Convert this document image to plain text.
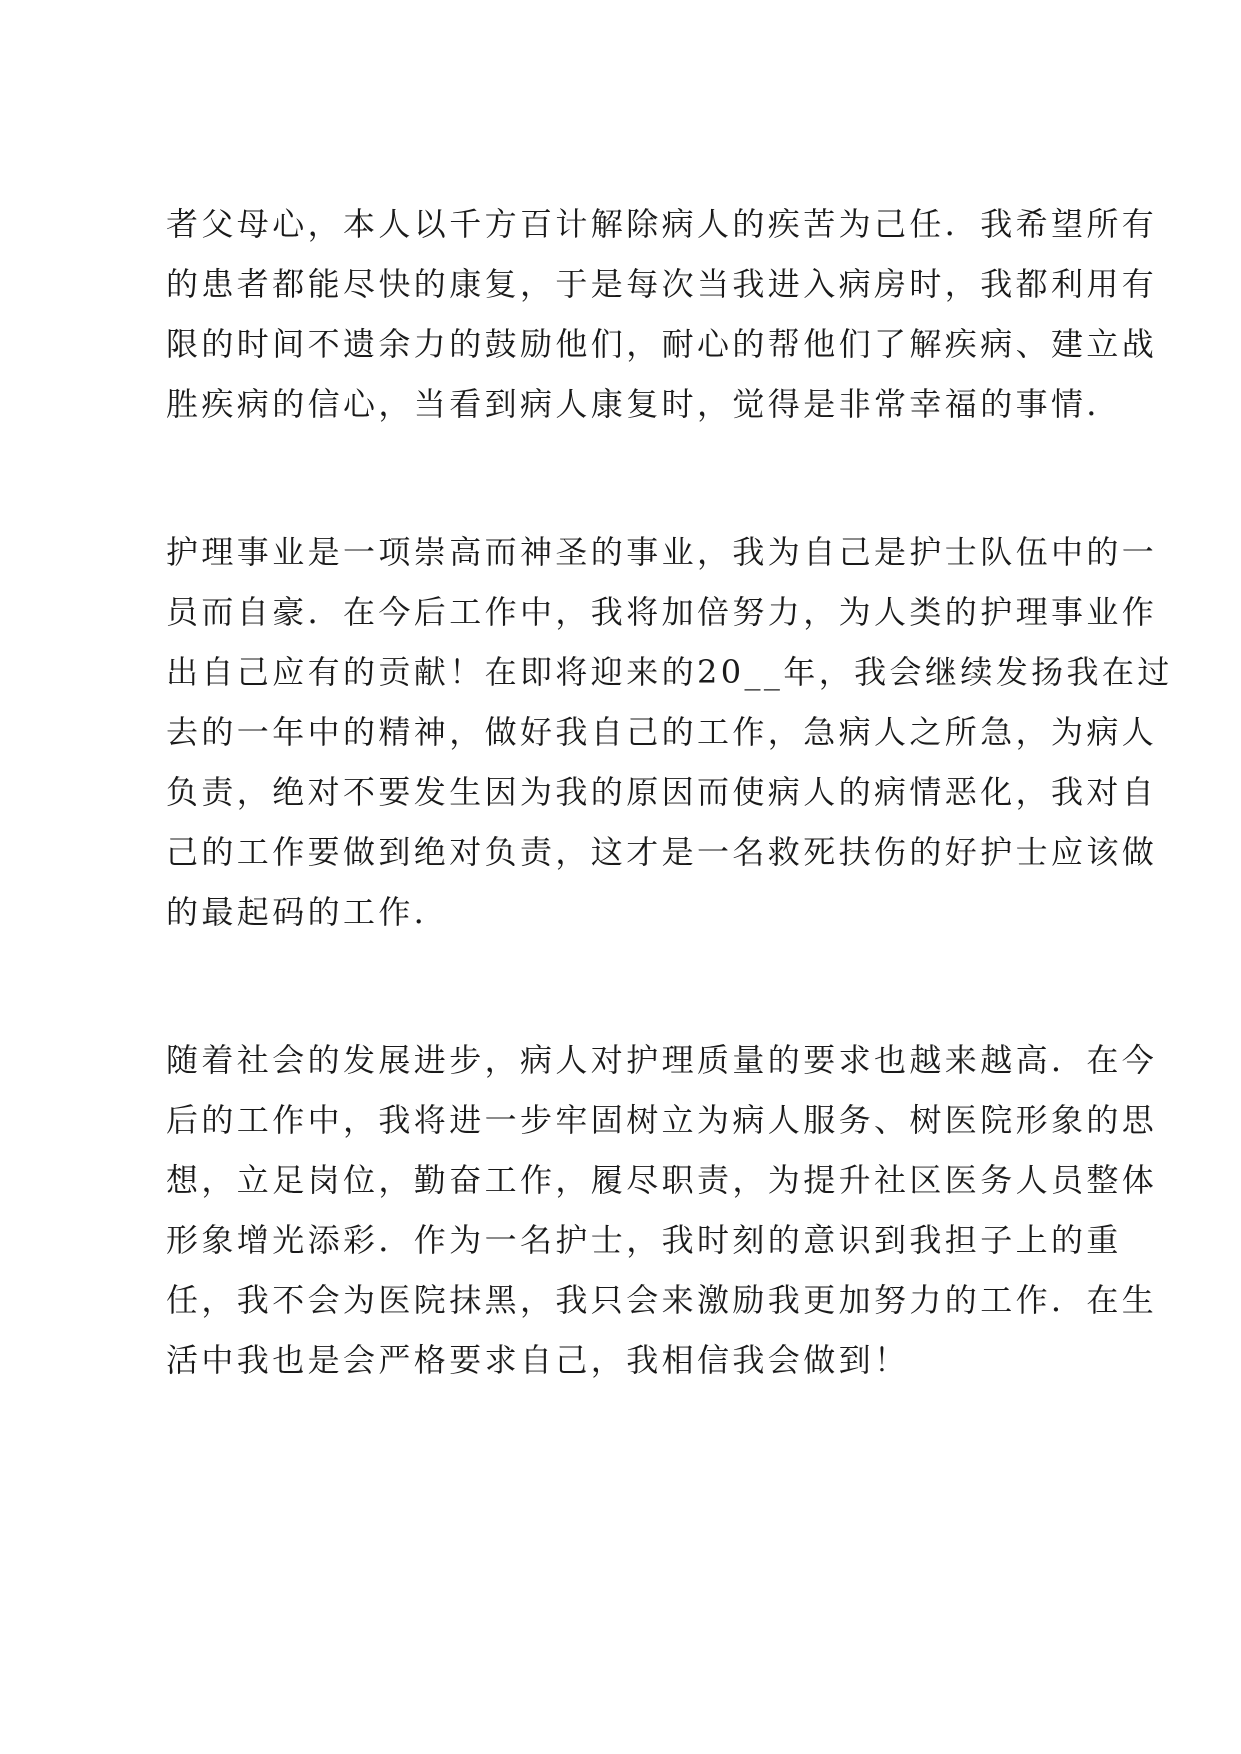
者父母心，本人以千方百计解除病人的疾苦为己任．我希望所有

的患者都能尽快的康复，于是每次当我进入病房时，我都利用有

限的时间不遗余力的鼓励他们，耐心的帮他们了解疾病、建立战

胜疾病的信心，当看到病人康复时，觉得是非常幸福的事情．

护理事业是一项崇高而神圣的事业，我为自己是护士队伍中的一

员而自豪．在今后工作中，我将加倍努力，为人类的护理事业作

出自己应有的贡献！在即将迎来的20__年，我会继续发扬我在过

去的一年中的精神，做好我自己的工作，急病人之所急，为病人

负责，绝对不要发生因为我的原因而使病人的病情恶化，我对自

己的工作要做到绝对负责，这才是一名救死扶伤的好护士应该做

的最起码的工作．

随着社会的发展进步，病人对护理质量的要求也越来越高．在今

后的工作中，我将进一步牢固树立为病人服务、树医院形象的思

想，立足岗位，勤奋工作，履尽职责，为提升社区医务人员整体

形象增光添彩．作为一名护士，我时刻的意识到我担子上的重

任，我不会为医院抹黑，我只会来激励我更加努力的工作．在生

活中我也是会严格要求自己，我相信我会做到！
